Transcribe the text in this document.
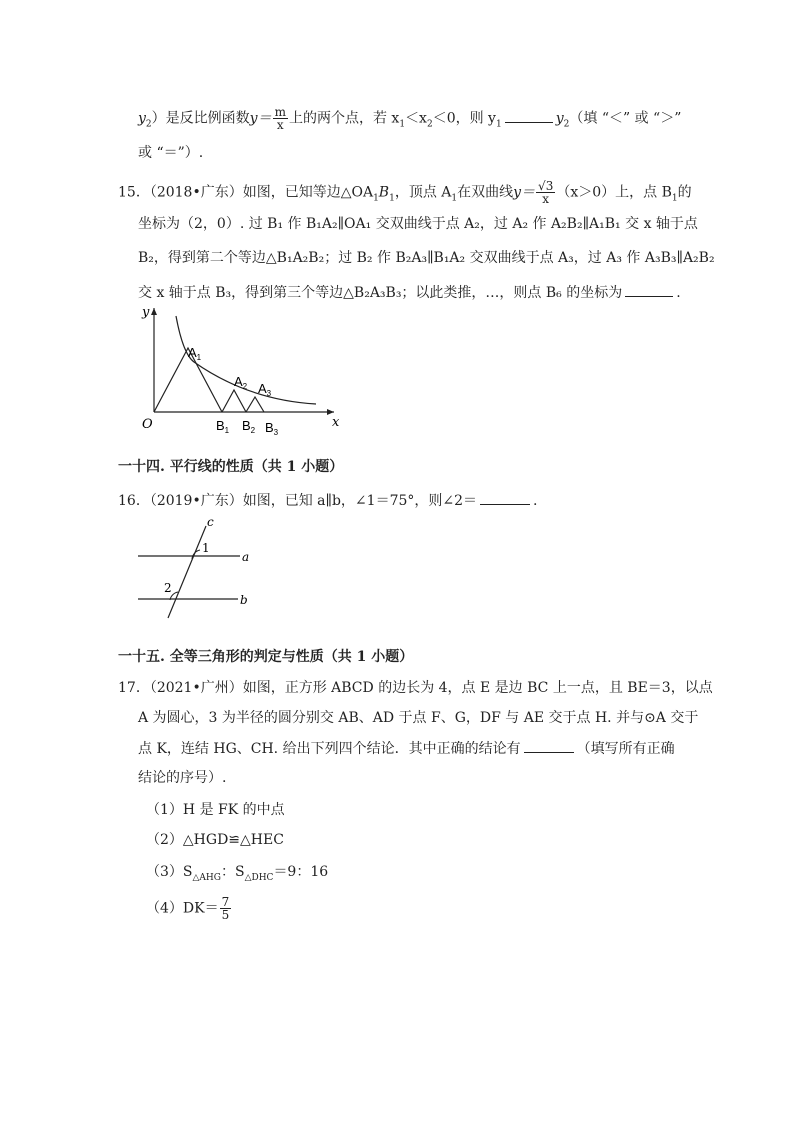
$y_2$）是反比例函数$y= \frac{m}{x}$ 上的两个点，若 $x_1<x_2<0$，则 $y_1$	$y_2$（填 “＜” 或 “＞”
或 “＝”）.
15．（2018•广东）如图，已知等边$\triangle OA_1B_1$，顶点 $A_1$在双曲线$y= \frac{√3}{x} (x>0)$上，点 $B_1$的
坐标为（2，0）. 过 B₁ 作 B₁A₂∥OA₁ 交双曲线于点 A₂，过 A₂ 作 A₂B₂∥A₁B₁ 交 x 轴于点
B₂，得到第二个等边△B₁A₂B₂；过 B₂ 作 B₂A₃∥B₁A₂ 交双曲线于点 A₃，过 A₃ 作 A₃B₃∥A₂B₂
交 x 轴于点 B₃，得到第三个等边△B₂A₃B₃；以此类推，…，则点 B₆ 的坐标为	.
y
x
O
$A_1$
$A_2$ $A_3$
$B_1$ $B_2$ $B_3$
一十四. 平行线的性质（共 1 小题）
16．（2019•广东）如图，已知 a∥b，∠1＝75°，则∠2＝	.
c
a
b
1
2
一十五. 全等三角形的判定与性质（共 1 小题）
17．（2021•广州）如图，正方形 ABCD 的边长为 4，点 E 是边 BC 上一点，且 BE＝3，以点
A 为圆心，3 为半径的圆分别交 AB、AD 于点 F、G，DF 与 AE 交于点 H. 并与⊙A 交于
点 K，连结 HG、CH. 给出下列四个结论．其中正确的结论有	（填写所有正确
结论的序号）.
（1）H 是 FK 的中点
（2）△HGD≌△HEC
$(3)S_{\triangle AHG}$：$S_{\triangle DHC}=9$：16
$(4)DK= \frac{7}{5}$
